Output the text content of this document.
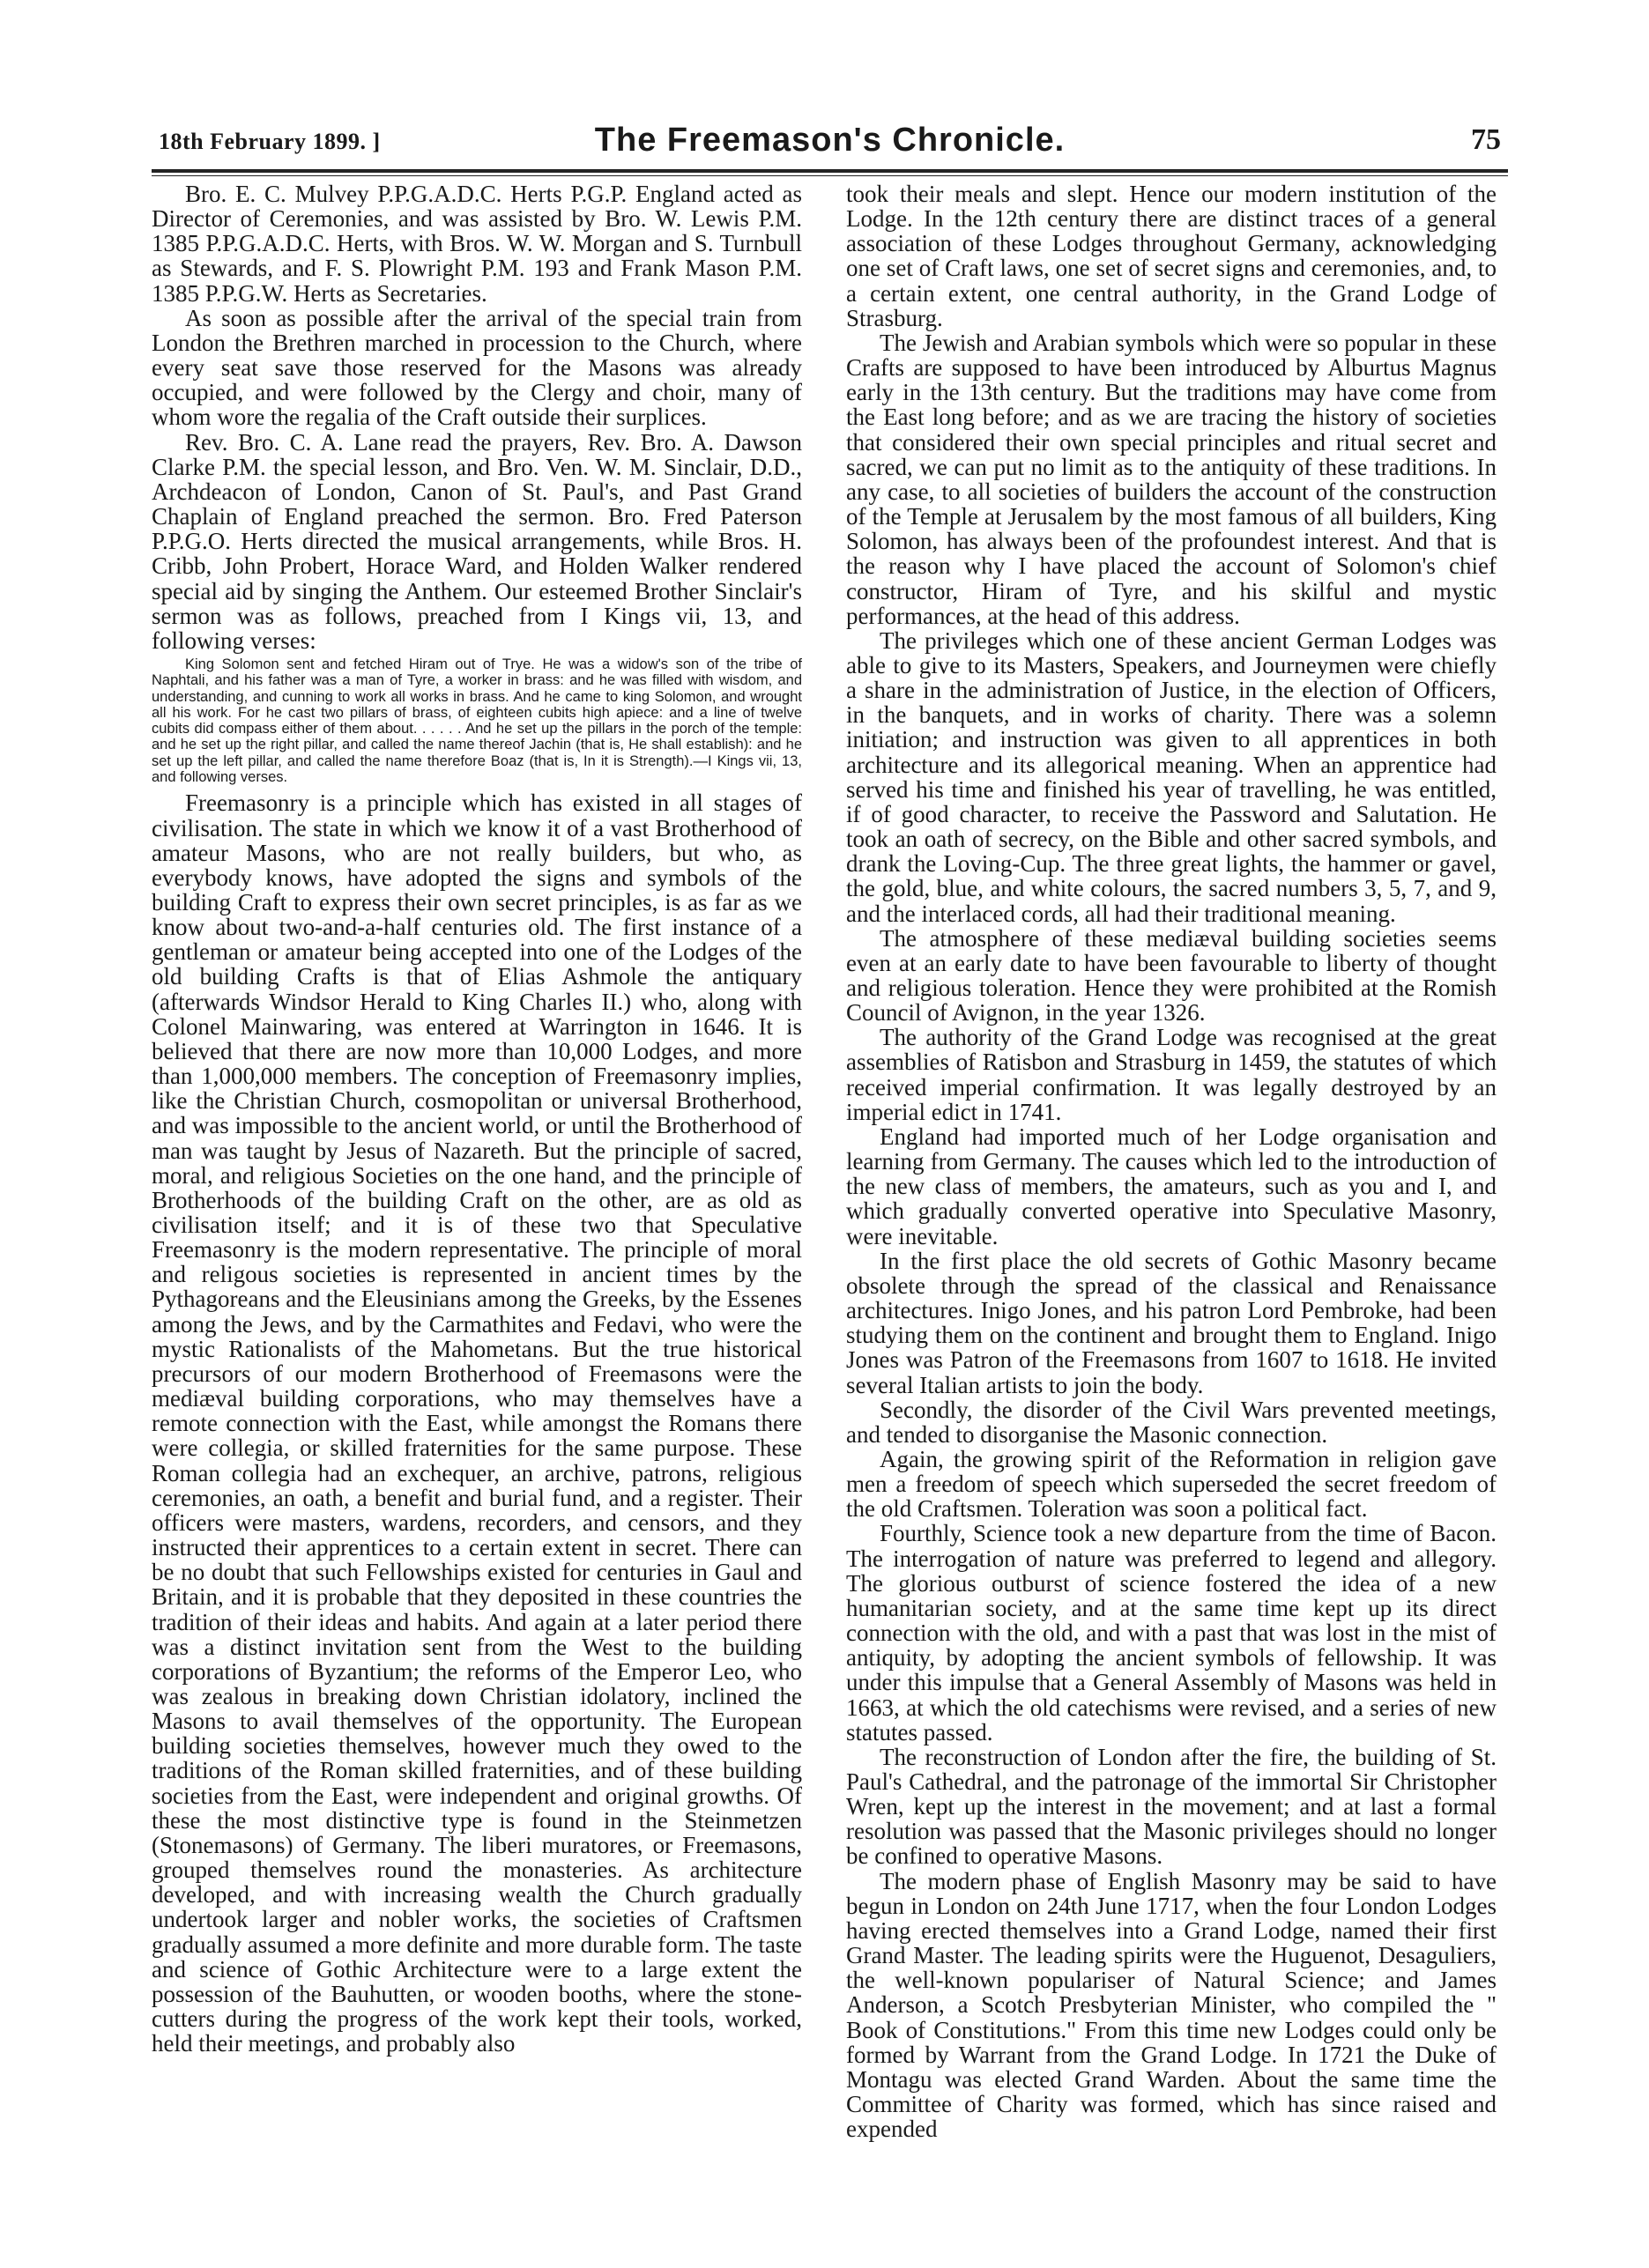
18th February 1899. ]	The Freemason's Chronicle.	75

Bro. E. C. Mulvey P.P.G.A.D.C. Herts P.G.P. England acted as Director of Ceremonies, and was assisted by Bro. W. Lewis P.M. 1385 P.P.G.A.D.C. Herts, with Bros. W. W. Morgan and S. Turnbull as Stewards, and F. S. Plowright P.M. 193 and Frank Mason P.M. 1385 P.P.G.W. Herts as Secretaries.

As soon as possible after the arrival of the special train from London the Brethren marched in procession to the Church, where every seat save those reserved for the Masons was already occupied, and were followed by the Clergy and choir, many of whom wore the regalia of the Craft outside their surplices.

Rev. Bro. C. A. Lane read the prayers, Rev. Bro. A. Dawson Clarke P.M. the special lesson, and Bro. Ven. W. M. Sinclair, D.D., Archdeacon of London, Canon of St. Paul's, and Past Grand Chaplain of England preached the sermon. Bro. Fred Paterson P.P.G.O. Herts directed the musical arrangements, while Bros. H. Cribb, John Probert, Horace Ward, and Holden Walker rendered special aid by singing the Anthem. Our esteemed Brother Sinclair's sermon was as follows, preached from I Kings vii, 13, and following verses:

King Solomon sent and fetched Hiram out of Trye. He was a widow's son of the tribe of Naphtali, and his father was a man of Tyre, a worker in brass: and he was filled with wisdom, and understanding, and cunning to work all works in brass. And he came to king Solomon, and wrought all his work. For he cast two pillars of brass, of eighteen cubits high apiece: and a line of twelve cubits did compass either of them about. . . . . . And he set up the pillars in the porch of the temple: and he set up the right pillar, and called the name thereof Jachin (that is, He shall establish): and he set up the left pillar, and called the name therefore Boaz (that is, In it is Strength).—I Kings vii, 13, and following verses.

Freemasonry is a principle which has existed in all stages of civilisation. The state in which we know it of a vast Brotherhood of amateur Masons, who are not really builders, but who, as everybody knows, have adopted the signs and symbols of the building Craft to express their own secret principles, is as far as we know about two-and-a-half centuries old. The first instance of a gentleman or amateur being accepted into one of the Lodges of the old building Crafts is that of Elias Ashmole the antiquary (afterwards Windsor Herald to King Charles II.) who, along with Colonel Mainwaring, was entered at Warrington in 1646. It is believed that there are now more than 10,000 Lodges, and more than 1,000,000 members. The conception of Freemasonry implies, like the Christian Church, cosmopolitan or universal Brotherhood, and was impossible to the ancient world, or until the Brotherhood of man was taught by Jesus of Nazareth. But the principle of sacred, moral, and religious Societies on the one hand, and the principle of Brotherhoods of the building Craft on the other, are as old as civilisation itself; and it is of these two that Speculative Freemasonry is the modern representative. The principle of moral and religous societies is represented in ancient times by the Pythagoreans and the Eleusinians among the Greeks, by the Essenes among the Jews, and by the Carmathites and Fedavi, who were the mystic Rationalists of the Mahometans. But the true historical precursors of our modern Brotherhood of Freemasons were the mediæval building corporations, who may themselves have a remote connection with the East, while amongst the Romans there were collegia, or skilled fraternities for the same purpose. These Roman collegia had an exchequer, an archive, patrons, religious ceremonies, an oath, a benefit and burial fund, and a register. Their officers were masters, wardens, recorders, and censors, and they instructed their apprentices to a certain extent in secret. There can be no doubt that such Fellowships existed for centuries in Gaul and Britain, and it is probable that they deposited in these countries the tradition of their ideas and habits. And again at a later period there was a distinct invitation sent from the West to the building corporations of Byzantium; the reforms of the Emperor Leo, who was zealous in breaking down Christian idolatory, inclined the Masons to avail themselves of the opportunity. The European building societies themselves, however much they owed to the traditions of the Roman skilled fraternities, and of these building societies from the East, were independent and original growths. Of these the most distinctive type is found in the Steinmetzen (Stonemasons) of Germany. The liberi muratores, or Freemasons, grouped themselves round the monasteries. As architecture developed, and with increasing wealth the Church gradually undertook larger and nobler works, the societies of Craftsmen gradually assumed a more definite and more durable form. The taste and science of Gothic Architecture were to a large extent the possession of the Bauhutten, or wooden booths, where the stone-cutters during the progress of the work kept their tools, worked, held their meetings, and probably also

took their meals and slept. Hence our modern institution of the Lodge. In the 12th century there are distinct traces of a general association of these Lodges throughout Germany, acknowledging one set of Craft laws, one set of secret signs and ceremonies, and, to a certain extent, one central authority, in the Grand Lodge of Strasburg.

The Jewish and Arabian symbols which were so popular in these Crafts are supposed to have been introduced by Alburtus Magnus early in the 13th century. But the traditions may have come from the East long before; and as we are tracing the history of societies that considered their own special principles and ritual secret and sacred, we can put no limit as to the antiquity of these traditions. In any case, to all societies of builders the account of the construction of the Temple at Jerusalem by the most famous of all builders, King Solomon, has always been of the profoundest interest. And that is the reason why I have placed the account of Solomon's chief constructor, Hiram of Tyre, and his skilful and mystic performances, at the head of this address.

The privileges which one of these ancient German Lodges was able to give to its Masters, Speakers, and Journeymen were chiefly a share in the administration of Justice, in the election of Officers, in the banquets, and in works of charity. There was a solemn initiation; and instruction was given to all apprentices in both architecture and its allegorical meaning. When an apprentice had served his time and finished his year of travelling, he was entitled, if of good character, to receive the Password and Salutation. He took an oath of secrecy, on the Bible and other sacred symbols, and drank the Loving-Cup. The three great lights, the hammer or gavel, the gold, blue, and white colours, the sacred numbers 3, 5, 7, and 9, and the interlaced cords, all had their traditional meaning.

The atmosphere of these mediæval building societies seems even at an early date to have been favourable to liberty of thought and religious toleration. Hence they were prohibited at the Romish Council of Avignon, in the year 1326.

The authority of the Grand Lodge was recognised at the great assemblies of Ratisbon and Strasburg in 1459, the statutes of which received imperial confirmation. It was legally destroyed by an imperial edict in 1741.

England had imported much of her Lodge organisation and learning from Germany. The causes which led to the introduction of the new class of members, the amateurs, such as you and I, and which gradually converted operative into Speculative Masonry, were inevitable.

In the first place the old secrets of Gothic Masonry became obsolete through the spread of the classical and Renaissance architectures. Inigo Jones, and his patron Lord Pembroke, had been studying them on the continent and brought them to England. Inigo Jones was Patron of the Freemasons from 1607 to 1618. He invited several Italian artists to join the body.

Secondly, the disorder of the Civil Wars prevented meetings, and tended to disorganise the Masonic connection.

Again, the growing spirit of the Reformation in religion gave men a freedom of speech which superseded the secret freedom of the old Craftsmen. Toleration was soon a political fact.

Fourthly, Science took a new departure from the time of Bacon. The interrogation of nature was preferred to legend and allegory. The glorious outburst of science fostered the idea of a new humanitarian society, and at the same time kept up its direct connection with the old, and with a past that was lost in the mist of antiquity, by adopting the ancient symbols of fellowship. It was under this impulse that a General Assembly of Masons was held in 1663, at which the old catechisms were revised, and a series of new statutes passed.

The reconstruction of London after the fire, the building of St. Paul's Cathedral, and the patronage of the immortal Sir Christopher Wren, kept up the interest in the movement; and at last a formal resolution was passed that the Masonic privileges should no longer be confined to operative Masons.

The modern phase of English Masonry may be said to have begun in London on 24th June 1717, when the four London Lodges having erected themselves into a Grand Lodge, named their first Grand Master. The leading spirits were the Huguenot, Desaguliers, the well-known populariser of Natural Science; and James Anderson, a Scotch Presbyterian Minister, who compiled the " Book of Constitutions." From this time new Lodges could only be formed by Warrant from the Grand Lodge. In 1721 the Duke of Montagu was elected Grand Warden. About the same time the Committee of Charity was formed, which has since raised and expended
